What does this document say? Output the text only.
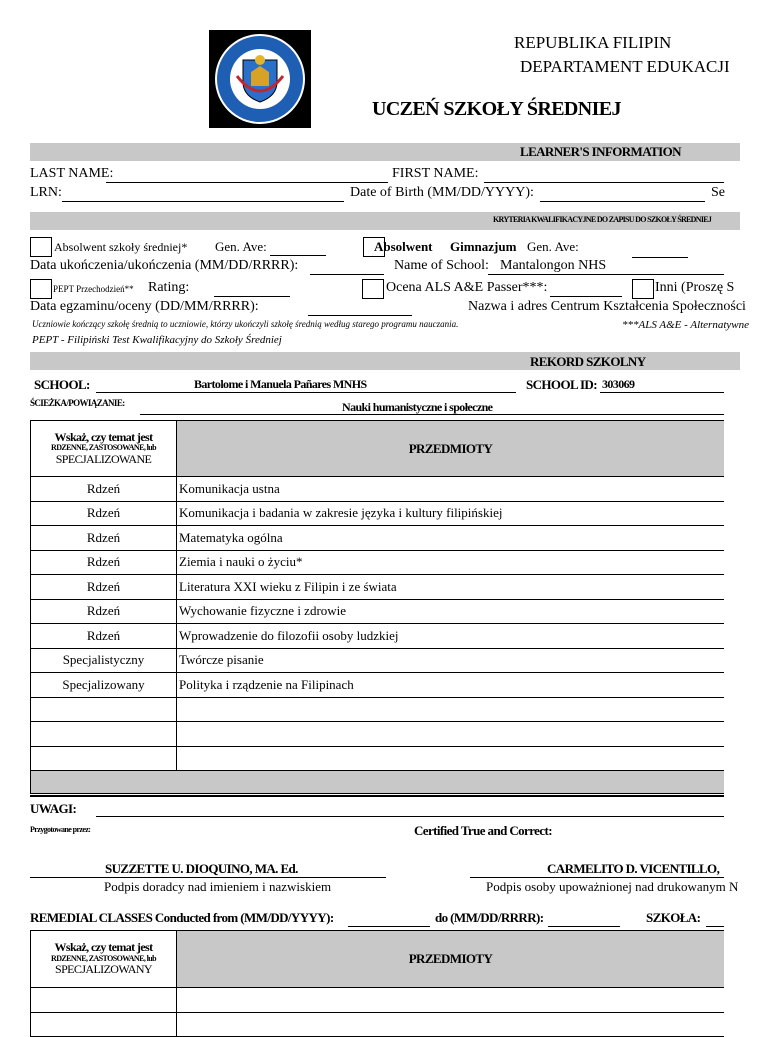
REPUBLIKA FILIPIN
DEPARTAMENT EDUKACJI
UCZEŃ SZKOŁY ŚREDNIEJ
LEARNER'S INFORMATION
LAST NAME:	FIRST NAME:
LRN:	Date of Birth (MM/DD/YYYY):	Se
KRYTERIA KWALIFIKACYJNE DO ZAPISU DO SZKOŁY ŚREDNIEJ
Absolwent szkoły średniej* Gen. Ave:	Absolwent Gimnazjum Gen. Ave:
Data ukończenia/ukończenia (MM/DD/RRRR):	Name of School: Mantalongon NHS
PEPT Przechodzień** Rating:	Ocena ALS A&E Passer***:	Inni (Proszę S
Data egzaminu/oceny (DD/MM/RRRR):	Nazwa i adres Centrum Kształcenia Społeczności
Uczniowie kończący szkołę średnią to uczniowie, którzy ukończyli szkołę średnią według starego programu nauczania.	***ALS A&E - Alternatywne
PEPT - Filipiński Test Kwalifikacyjny do Szkoły Średniej
REKORD SZKOLNY
SCHOOL:	Bartolome i Manuela Pañares MNHS	SCHOOL ID: 303069
ŚCIEŻKA/POWIĄZANIE:	Nauki humanistyczne i społeczne
Wskaż, czy temat jest
RDZENNE, ZASTOSOWANE, lub
SPECJALIZOWANE	PRZEDMIOTY
Rdzeń	Komunikacja ustna
Rdzeń	Komunikacja i badania w zakresie języka i kultury filipińskiej
Rdzeń	Matematyka ogólna
Rdzeń	Ziemia i nauki o życiu*
Rdzeń	Literatura XXI wieku z Filipin i ze świata
Rdzeń	Wychowanie fizyczne i zdrowie
Rdzeń	Wprowadzenie do filozofii osoby ludzkiej
Specjalistyczny	Twórcze pisanie
Specjalizowany	Polityka i rządzenie na Filipinach

UWAGI:
Przygotowane przez:	Certified True and Correct:
SUZZETTE U. DIOQUINO, MA. Ed.
Podpis doradcy nad imieniem i nazwiskiem
CARMELITO D. VICENTILLO,
Podpis osoby upoważnionej nad drukowanym N
REMEDIAL CLASSES Conducted from (MM/DD/YYYY):	do (MM/DD/RRRR):	SZKOŁA:
Wskaż, czy temat jest
RDZENNE, ZASTOSOWANE, lub
SPECJALIZOWANY	PRZEDMIOTY
